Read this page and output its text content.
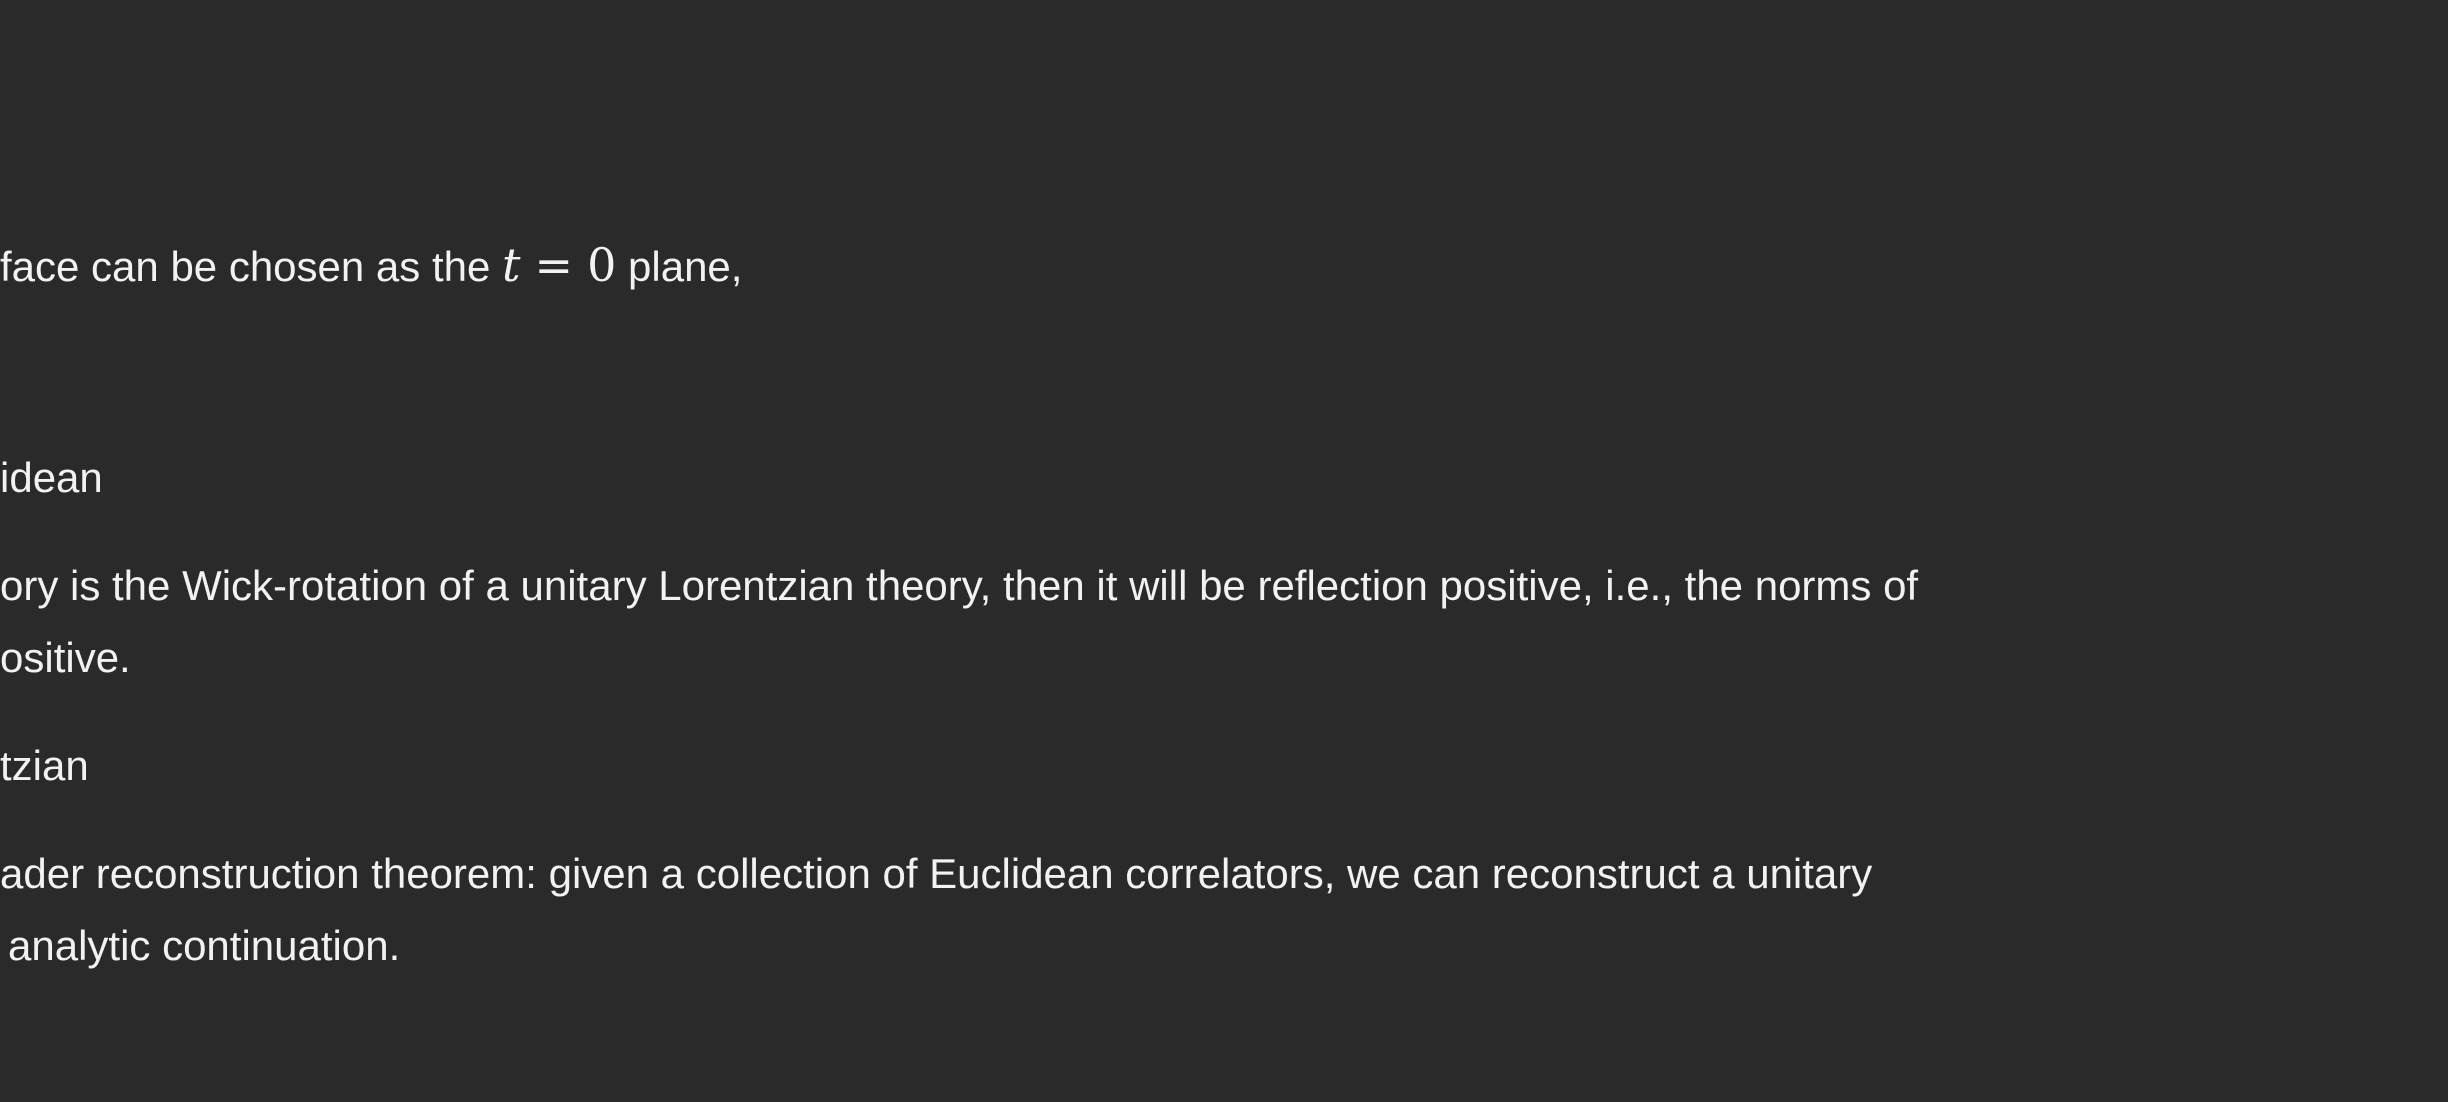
face can be chosen as the t = 0 plane,
idean
ory is the Wick-rotation of a unitary Lorentzian theory, then it will be reflection positive, i.e., the norms of
ositive.
tzian
ader reconstruction theorem: given a collection of Euclidean correlators, we can reconstruct a unitary
analytic continuation.
